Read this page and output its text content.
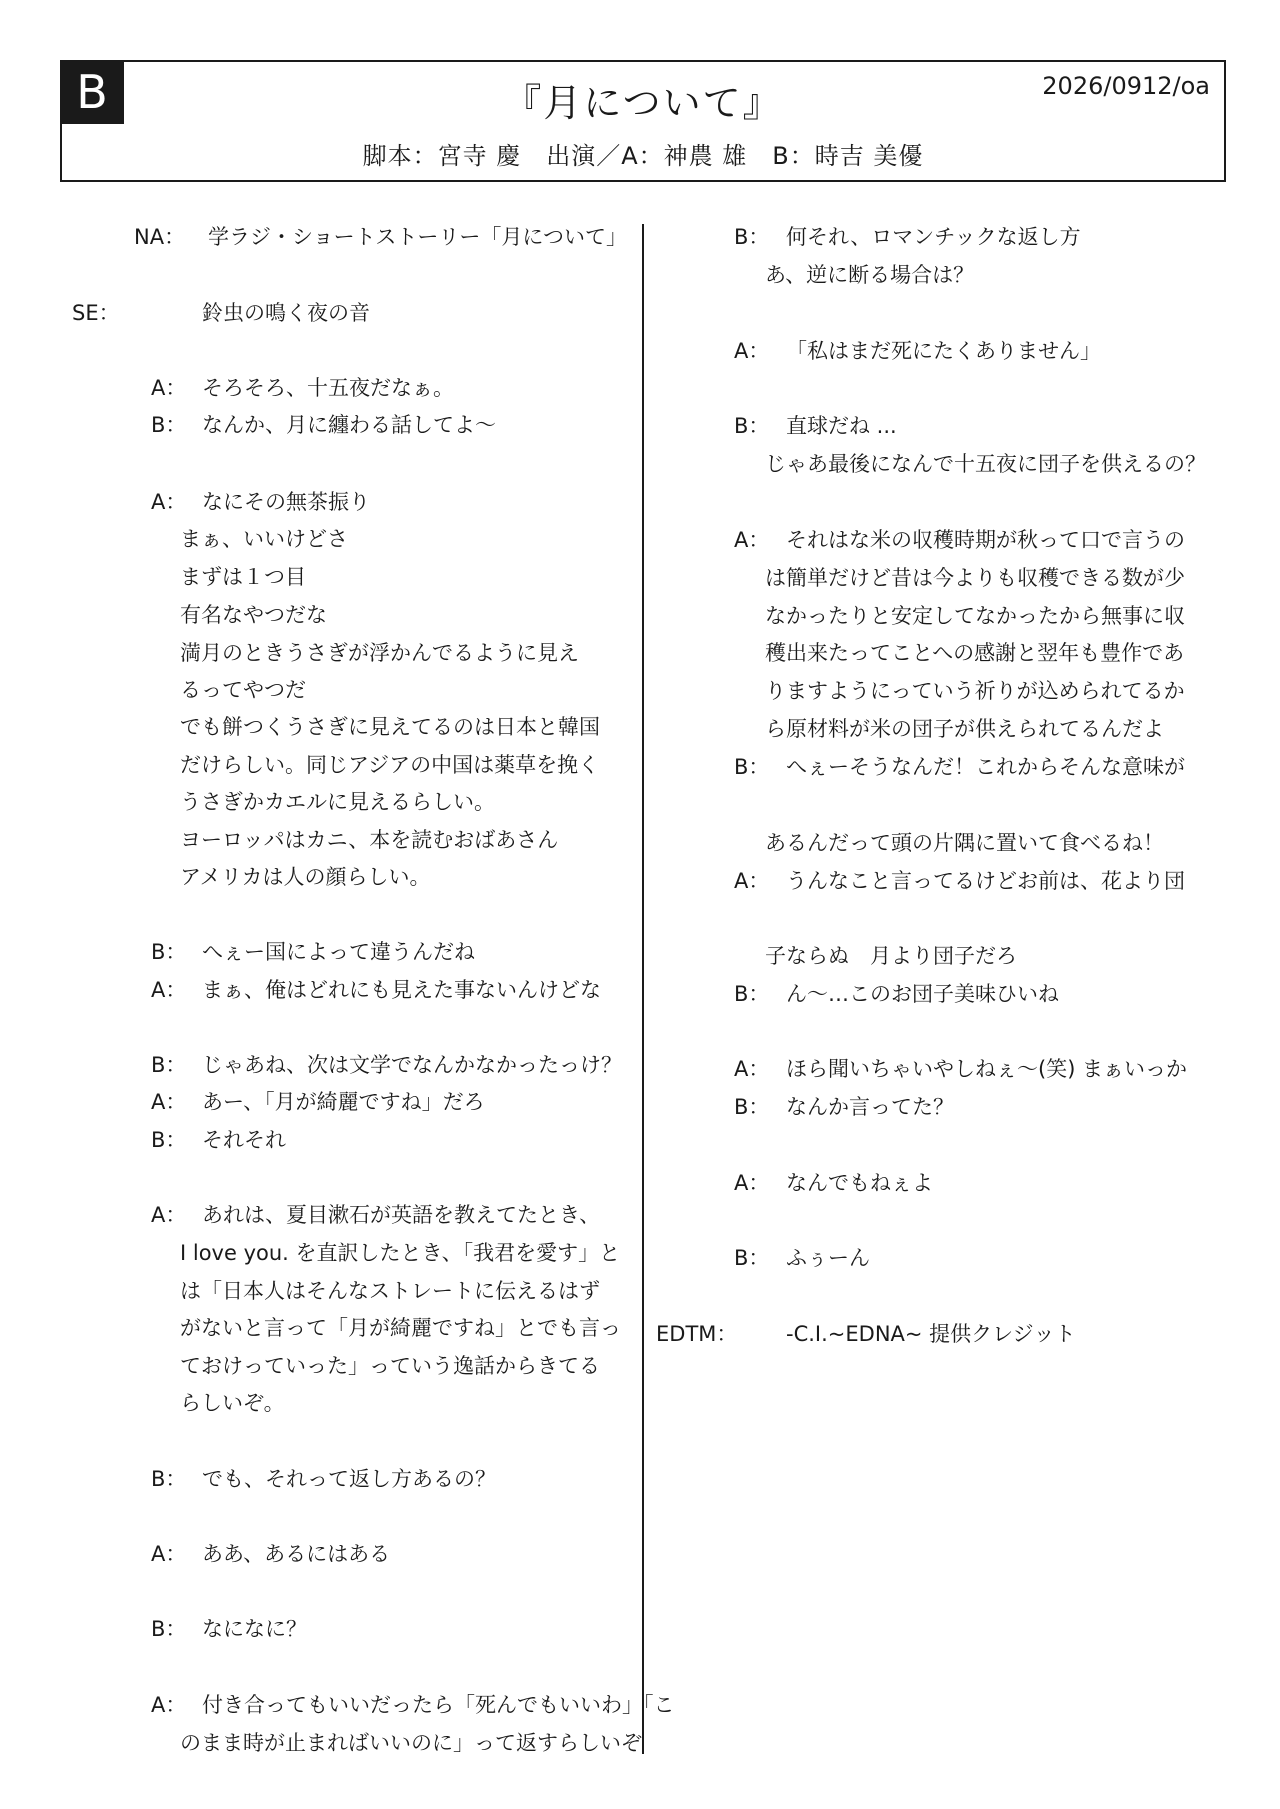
B	『月について』	2026/0912/oa
脚本：宮寺 慶　出演／A：神農 雄　B：時吉 美優
NA： 学ラジ・ショートストーリー「月について」
SE：	鈴虫の鳴く夜の音
A： そろそろ、十五夜だなぁ。
B： なんか、月に纏わる話してよ〜
A： なにその無茶振り
まぁ、いいけどさ
まずは１つ目
有名なやつだな
満月のときうさぎが浮かんでるように見え
るってやつだ
でも餅つくうさぎに見えてるのは日本と韓国
だけらしい。同じアジアの中国は薬草を挽く
うさぎかカエルに見えるらしい。
ヨーロッパはカニ、本を読むおばあさん
アメリカは人の顔らしい。
B： へぇー国によって違うんだね
A： まぁ、俺はどれにも見えた事ないんけどな
B： じゃあね、次は文学でなんかなかったっけ？
A： あー、「月が綺麗ですね」だろ
B： それそれ
A： あれは、夏目漱石が英語を教えてたとき、
I love you. を直訳したとき、「我君を愛す」と
は「日本人はそんなストレートに伝えるはず
がないと言って「月が綺麗ですね」とでも言っ
ておけっていった」っていう逸話からきてる
らしいぞ。
B： でも、それって返し方あるの？
A： ああ、あるにはある
B： なになに？
A： 付き合ってもいいだったら「死んでもいいわ」「こ
のまま時が止まればいいのに」って返すらしいぞ
B： 何それ、ロマンチックな返し方
あ、逆に断る場合は？
A： 「私はまだ死にたくありません」
B： 直球だね ...
じゃあ最後になんで十五夜に団子を供えるの？
A： それはな米の収穫時期が秋って口で言うの
は簡単だけど昔は今よりも収穫できる数が少
なかったりと安定してなかったから無事に収
穫出来たってことへの感謝と翌年も豊作であ
りますようにっていう祈りが込められてるか
ら原材料が米の団子が供えられてるんだよ
B： へぇーそうなんだ！これからそんな意味が
あるんだって頭の片隅に置いて食べるね！
A： うんなこと言ってるけどお前は、花より団
子ならぬ　月より団子だろ
B： ん〜…このお団子美味ひいね
A： ほら聞いちゃいやしねぇ〜(笑) まぁいっか
B： なんか言ってた？
A： なんでもねぇよ
B： ふぅーん
EDTM： -C.I.~EDNA~ 提供クレジット
